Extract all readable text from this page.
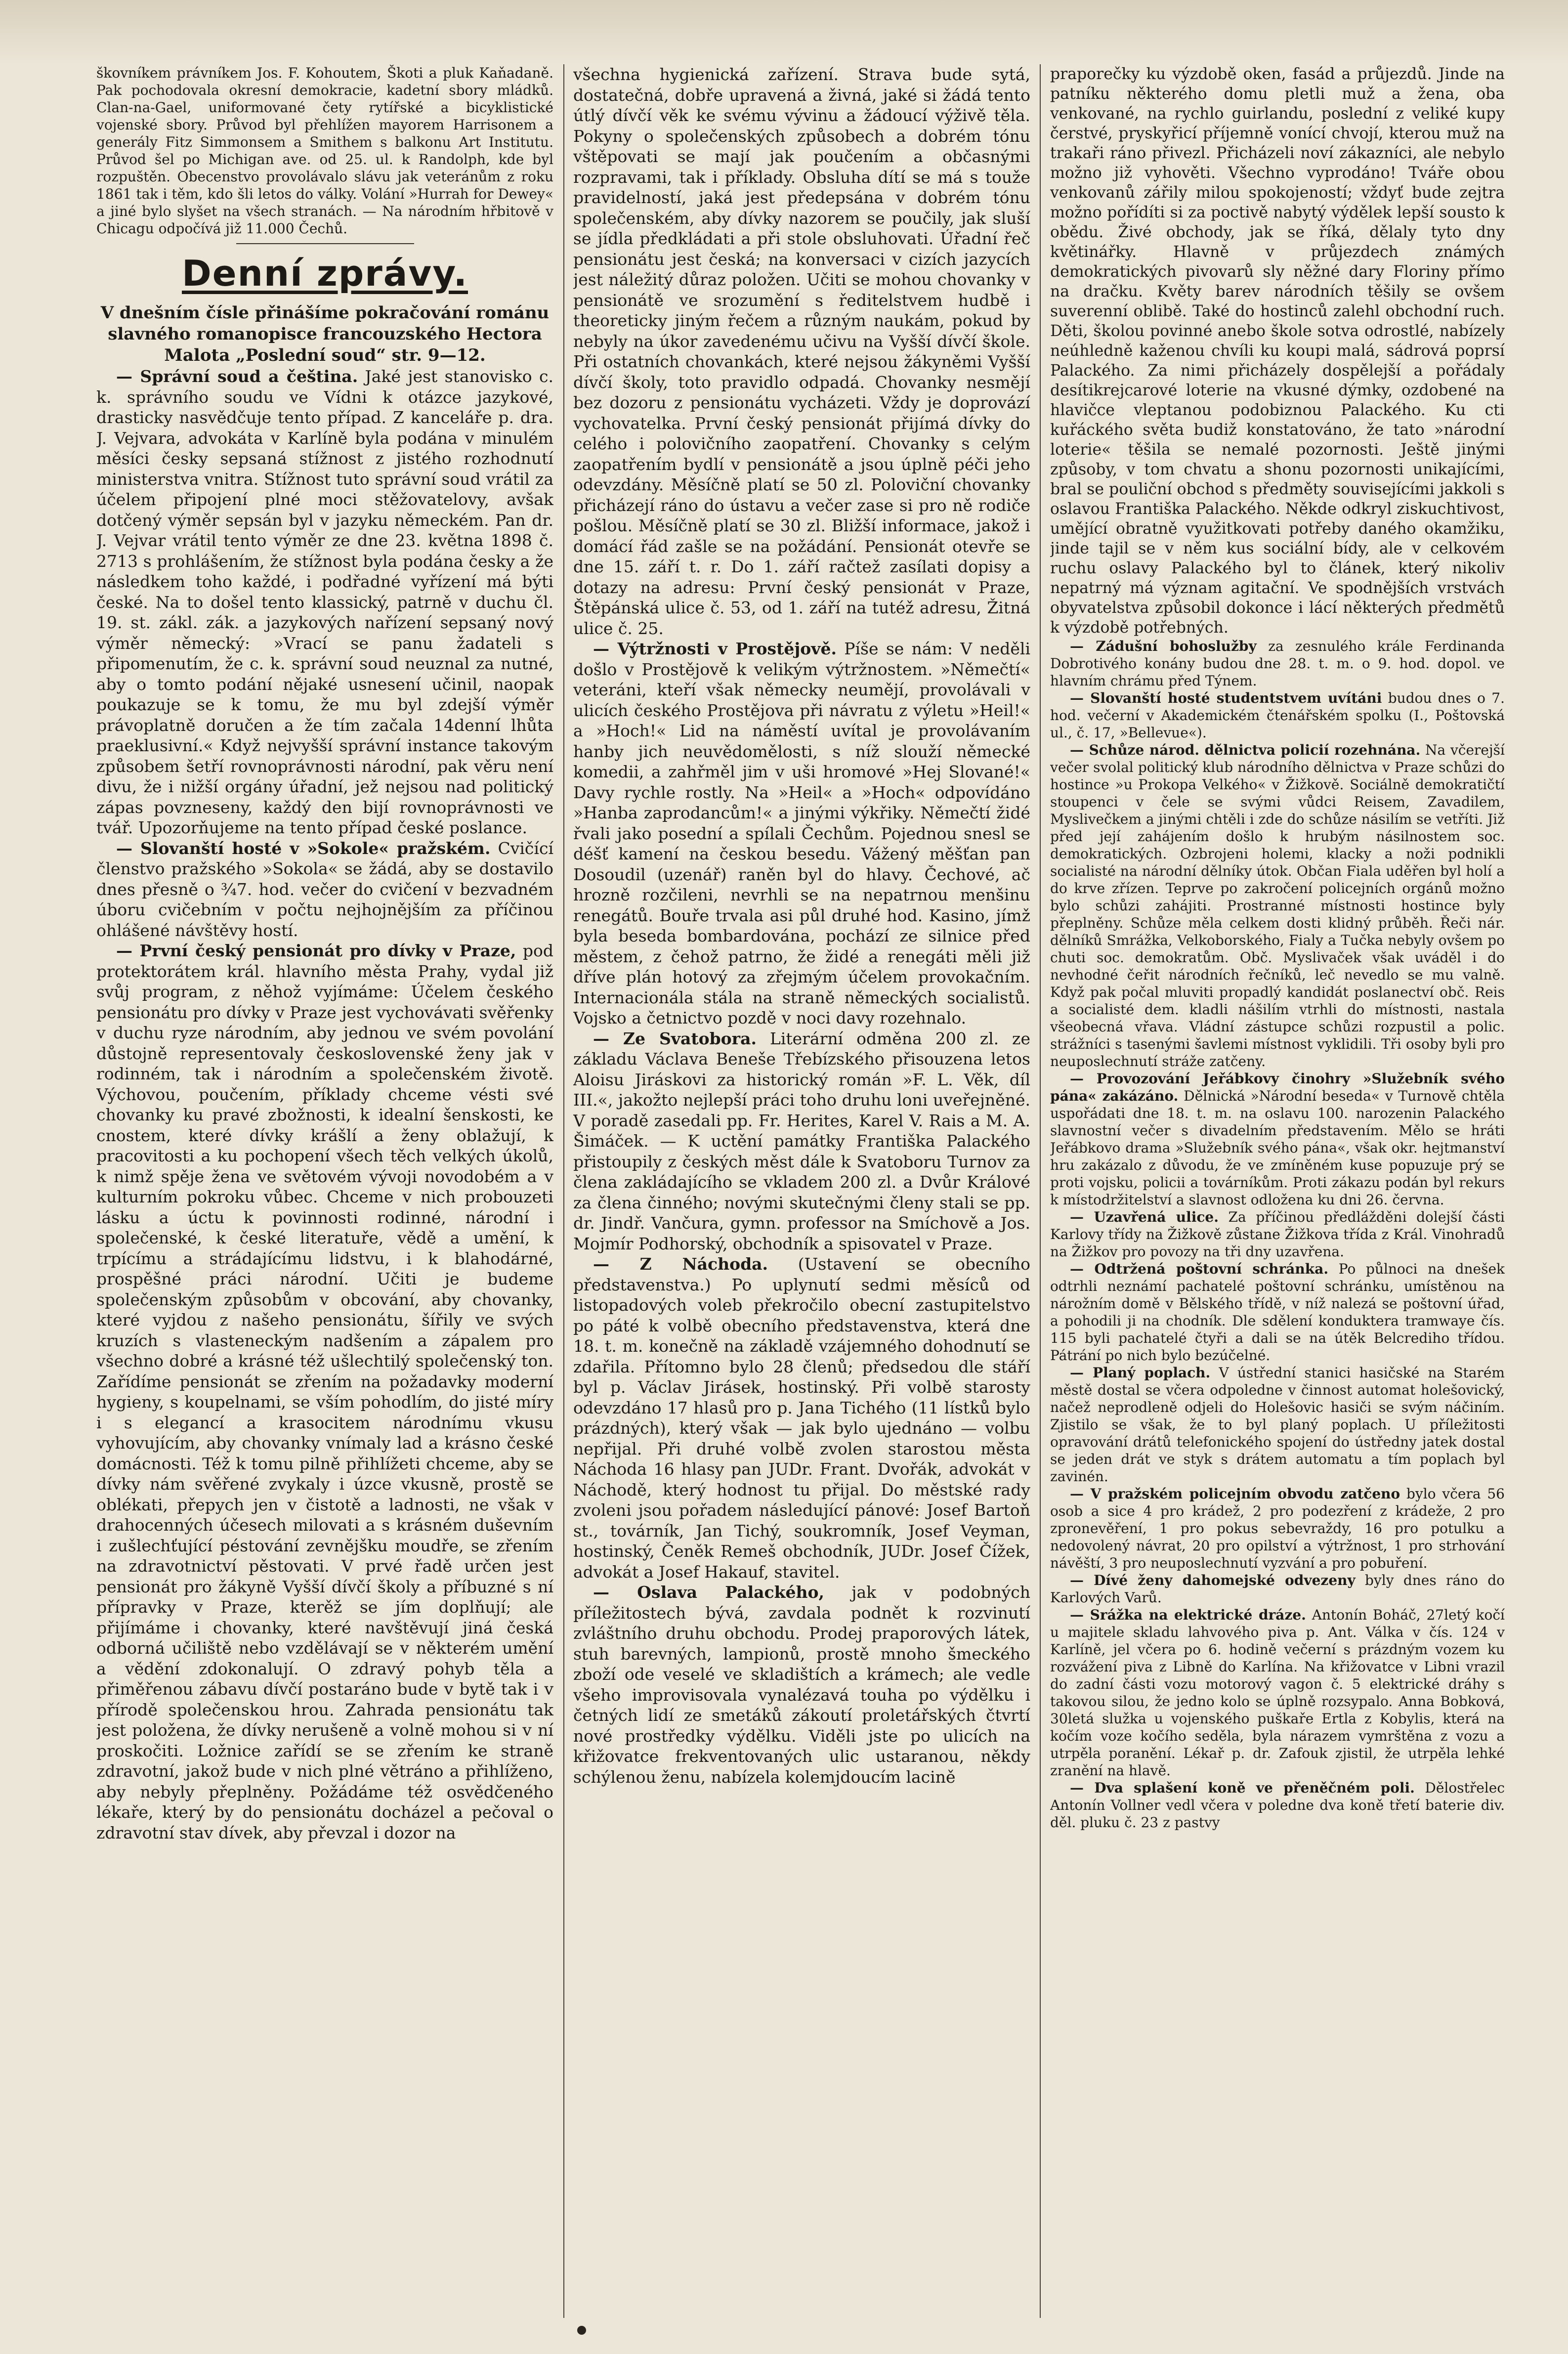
škovníkem právníkem Jos. F. Kohoutem, Škoti a pluk Kaňadaně. Pak pochodovala okresní demokracie, kadetní sbory mládků. Clan-na-Gael, uniformované čety rytířské a bicyklistické vojenské sbory. Průvod byl přehlížen mayorem Harrisonem a generály Fitz Simmonsem a Smithem s balkonu Art Institutu. Průvod šel po Michigan ave. od 25. ul. k Randolph, kde byl rozpuštěn. Obecenstvo provolávalo slávu jak veteránům z roku 1861 tak i těm, kdo šli letos do války. Volání »Hurrah for Dewey« a jiné bylo slyšet na všech stranách. — Na národním hřbitově v Chicagu odpočívá již 11.000 Čechů.

Denní zprávy.

V dnešním čísle přinášíme pokračování románu slavného romanopisce francouzského Hectora Malota „Poslední soud“ str. 9—12.

— Správní soud a čeština. Jaké jest stanovisko c. k. správního soudu ve Vídni k otázce jazykové, drasticky nasvědčuje tento případ. Z kanceláře p. dra. J. Vejvara, advokáta v Karlíně byla podána v minulém měsíci česky sepsaná stížnost z jistého rozhodnutí ministerstva vnitra. Stížnost tuto správní soud vrátil za účelem připojení plné moci stěžovatelovy, avšak dotčený výměr sepsán byl v jazyku německém. Pan dr. J. Vejvar vrátil tento výměr ze dne 23. května 1898 č. 2713 s prohlášením, že stížnost byla podána česky a že následkem toho každé, i podřadné vyřízení má býti české. Na to došel tento klassický, patrně v duchu čl. 19. st. zákl. zák. a jazykových nařízení sepsaný nový výměr německý: »Vrací se panu žadateli s připomenutím, že c. k. správní soud neuznal za nutné, aby o tomto podání nějaké usnesení učinil, naopak poukazuje se k tomu, že mu byl zdejší výměr právoplatně doručen a že tím začala 14denní lhůta praeklusivní.« Když nejvyšší správní instance takovým způsobem šetří rovnoprávnosti národní, pak věru není divu, že i nižší orgány úřadní, jež nejsou nad politický zápas povzneseny, každý den bijí rovnoprávnosti ve tvář. Upozorňujeme na tento případ české poslance.

— Slovanští hosté v »Sokole« pražském. Cvičící členstvo pražského »Sokola« se žádá, aby se dostavilo dnes přesně o ¾7. hod. večer do cvičení v bezvadném úboru cvičebním v počtu nejhojnějším za příčinou ohlášené návštěvy hostí.

— První český pensionát pro dívky v Praze, pod protektorátem král. hlavního města Prahy, vydal již svůj program, z něhož vyjímáme: Účelem českého pensionátu pro dívky v Praze jest vychovávati svěřenky v duchu ryze národním, aby jednou ve svém povolání důstojně representovaly československé ženy jak v rodinném, tak i národním a společenském životě. Výchovou, poučením, příklady chceme vésti své chovanky ku pravé zbožnosti, k idealní šenskosti, ke cnostem, které dívky krášlí a ženy oblažují, k pracovitosti a ku pochopení všech těch velkých úkolů, k nimž spěje žena ve světovém vývoji novodobém a v kulturním pokroku vůbec. Chceme v nich probouzeti lásku a úctu k povinnosti rodinné, národní i společenské, k české literatuře, vědě a umění, k trpícímu a strádajícímu lidstvu, i k blahodárné, prospěšné práci národní. Učiti je budeme společenským způsobům v obcování, aby chovanky, které vyjdou z našeho pensionátu, šířily ve svých kruzích s vlasteneckým nadšením a zápalem pro všechno dobré a krásné též ušlechtilý společenský ton. Zařídíme pensionát se zřením na požadavky moderní hygieny, s koupelnami, se vším pohodlím, do jisté míry i s elegancí a krasocitem národnímu vkusu vyhovujícím, aby chovanky vnímaly lad a krásno české domácnosti. Též k tomu pilně přihlížeti chceme, aby se dívky nám svěřené zvykaly i úzce vkusně, prostě se oblékati, přepych jen v čistotě a ladnosti, ne však v drahocenných účesech milovati a s krásném duševním i zušlechťující péstování zevnějšku moudře, se zřením na zdravotnictví pěstovati. V prvé řadě určen jest pensionát pro žákyně Vyšší dívčí školy a příbuzné s ní přípravky v Praze, kterěž se jím doplňují; ale přijímáme i chovanky, které navštěvují jiná česká odborná učiliště nebo vzdělávají se v některém umění a vědění zdokonalují. O zdravý pohyb těla a přiměřenou zábavu dívčí postaráno bude v bytě tak i v přírodě společenskou hrou. Zahrada pensionátu tak jest položena, že dívky nerušeně a volně mohou si v ní proskočiti. Ložnice zařídí se se zřením ke straně zdravotní, jakož bude v nich plné větráno a přihlíženo, aby nebyly přeplněny. Požádáme též osvědčeného lékaře, který by do pensionátu docházel a pečoval o zdravotní stav dívek, aby převzal i dozor na

všechna hygienická zařízení. Strava bude sytá, dostatečná, dobře upravená a živná, jaké si žádá tento útlý dívčí věk ke svému vývinu a žádoucí výživě těla. Pokyny o společenských způsobech a dobrém tónu vštěpovati se mají jak poučením a občasnými rozpravami, tak i příklady. Obsluha dítí se má s touže pravidelností, jaká jest předepsána v dobrém tónu společenském, aby dívky nazorem se poučily, jak sluší se jídla předkládati a při stole obsluhovati. Úřadní řeč pensionátu jest česká; na konversaci v cizích jazycích jest náležitý důraz položen. Učiti se mohou chovanky v pensionátě ve srozumění s ředitelstvem hudbě i theoreticky jiným řečem a různým naukám, pokud by nebyly na úkor zavedenému učivu na Vyšší dívčí škole. Při ostatních chovankách, které nejsou žákyněmi Vyšší dívčí školy, toto pravidlo odpadá. Chovanky nesmějí bez dozoru z pensionátu vycházeti. Vždy je doprovází vychovatelka. První český pensionát přijímá dívky do celého i polovičního zaopatření. Chovanky s celým zaopatřením bydlí v pensionátě a jsou úplně péči jeho odevzdány. Měsíčně platí se 50 zl. Poloviční chovanky přicházejí ráno do ústavu a večer zase si pro ně rodiče pošlou. Měsíčně platí se 30 zl. Bližší informace, jakož i domácí řád zašle se na požádání. Pensionát otevře se dne 15. září t. r. Do 1. září račtež zasílati dopisy a dotazy na adresu: První český pensionát v Praze, Štěpánská ulice č. 53, od 1. září na tutéž adresu, Žitná ulice č. 25.

— Výtržnosti v Prostějově. Píše se nám: V neděli došlo v Prostějově k velikým výtržnostem. »Němečtí« veteráni, kteří však německy neumějí, provolávali v ulicích českého Prostějova při návratu z výletu »Heil!« a »Hoch!« Lid na náměstí uvítal je provolávaním hanby jich neuvědomělosti, s níž slouží německé komedii, a zahřměl jim v uši hromové »Hej Slované!« Davy rychle rostly. Na »Heil« a »Hoch« odpovídáno »Hanba zaprodancům!« a jinými výkřiky. Němečtí židé řvali jako posední a spílali Čechům. Pojednou snesl se déšť kamení na českou besedu. Vážený měšťan pan Dosoudil (uzenář) raněn byl do hlavy. Čechové, ač hrozně rozčileni, nevrhli se na nepatrnou menšinu renegátů. Bouře trvala asi půl druhé hod. Kasino, jímž byla beseda bombardována, pochází ze silnice před městem, z čehož patrno, že židé a renegáti měli již dříve plán hotový za zřejmým účelem provokačním. Internacionála stála na straně německých socialistů. Vojsko a četnictvo pozdě v noci davy rozehnalo.

— Ze Svatobora. Literární odměna 200 zl. ze základu Václava Beneše Třebízského přisouzena letos Aloisu Jiráskovi za historický román »F. L. Věk, díl III.«, jakožto nejlepší práci toho druhu loni uveřejněné. V poradě zasedali pp. Fr. Herites, Karel V. Rais a M. A. Šimáček. — K uctění památky Františka Palackého přistoupily z českých měst dále k Svatoboru Turnov za člena zakládajícího se vkladem 200 zl. a Dvůr Králové za člena činného; novými skutečnými členy stali se pp. dr. Jindř. Vančura, gymn. professor na Smíchově a Jos. Mojmír Podhorský, obchodník a spisovatel v Praze.

— Z Náchoda. (Ustavení se obecního představenstva.) Po uplynutí sedmi měsíců od listopadových voleb překročilo obecní zastupitelstvo po páté k volbě obecního představenstva, která dne 18. t. m. konečně na základě vzájemného dohodnutí se zdařila. Přítomno bylo 28 členů; předsedou dle stáří byl p. Václav Jirásek, hostinský. Při volbě starosty odevzdáno 17 hlasů pro p. Jana Tichého (11 lístků bylo prázdných), který však — jak bylo ujednáno — volbu nepřijal. Při druhé volbě zvolen starostou města Náchoda 16 hlasy pan JUDr. Frant. Dvořák, advokát v Náchodě, který hodnost tu přijal. Do městské rady zvoleni jsou pořadem následující pánové: Josef Bartoň st., továrník, Jan Tichý, soukromník, Josef Veyman, hostinský, Čeněk Remeš obchodník, JUDr. Josef Čížek, advokát a Josef Hakauf, stavitel.

— Oslava Palackého, jak v podobných příležitostech bývá, zavdala podnět k rozvinutí zvláštního druhu obchodu. Prodej praporových látek, stuh barevných, lampionů, prostě mnoho šmeckého zboží ode veselé ve skladištích a krámech; ale vedle všeho improvisovala vynalézavá touha po výdělku i četných lidí ze smetáků zákoutí proletářských čtvrtí nové prostředky výdělku. Viděli jste po ulicích na křižovatce frekventovaných ulic ustaranou, někdy schýlenou ženu, nabízela kolemjdoucím lacině

praporečky ku výzdobě oken, fasád a průjezdů. Jinde na patníku některého domu pletli muž a žena, oba venkované, na rychlo guirlandu, poslední z veliké kupy čerstvé, pryskyřicí příjemně vonící chvojí, kterou muž na trakaři ráno přivezl. Přicházeli noví zákazníci, ale nebylo možno již vyhověti. Všechno vyprodáno! Tváře obou venkovanů zářily milou spokojeností; vždyť bude zejtra možno pořídíti si za poctivě nabytý výdělek lepší sousto k obědu. Živé obchody, jak se říká, dělaly tyto dny květinářky. Hlavně v průjezdech známých demokratických pivovarů sly něžné dary Floriny přímo na dračku. Květy barev národních těšily se ovšem suverenní oblibě. Také do hostinců zalehl obchodní ruch. Děti, školou povinné anebo škole sotva odrostlé, nabízely neúhledně kaženou chvíli ku koupi malá, sádrová poprsí Palackého. Za nimi přicházely dospělejší a pořádaly desítikrejcarové loterie na vkusné dýmky, ozdobené na hlavičce vleptanou podobiznou Palackého. Ku cti kuřáckého světa budiž konstatováno, že tato »národní loterie« těšila se nemalé pozornosti. Ještě jinými způsoby, v tom chvatu a shonu pozornosti unikajícími, bral se pouliční obchod s předměty souvisejícími jakkoli s oslavou Františka Palackého. Někde odkryl ziskuchtivost, umějící obratně využitkovati potřeby daného okamžiku, jinde tajil se v něm kus sociální bídy, ale v celkovém ruchu oslavy Palackého byl to článek, který nikoliv nepatrný má význam agitační. Ve spodnějších vrstvách obyvatelstva způsobil dokonce i lácí některých předmětů k výzdobě potřebných.

— Zádušní bohoslužby za zesnulého krále Ferdinanda Dobrotivého konány budou dne 28. t. m. o 9. hod. dopol. ve hlavním chrámu před Týnem.

— Slovanští hosté studentstvem uvítáni budou dnes o 7. hod. večerní v Akademickém čtenářském spolku (I., Poštovská ul., č. 17, »Bellevue«).

— Schůze národ. dělnictva policií rozehnána. Na včerejší večer svolal politický klub národního dělnictva v Praze schůzi do hostince »u Prokopa Velkého« v Žižkově. Sociálně demokratičtí stoupenci v čele se svými vůdci Reisem, Zavadilem, Myslivečkem a jinými chtěli i zde do schůze násilím se vetříti. Již před její zahájením došlo k hrubým násilnostem soc. demokratických. Ozbrojeni holemi, klacky a noži podnikli socialisté na národní dělníky útok. Občan Fiala uděřen byl holí a do krve zřízen. Teprve po zakročení policejních orgánů možno bylo schůzi zahájiti. Prostranné místnosti hostince byly přeplněny. Schůze měla celkem dosti klidný průběh. Řeči nár. dělníků Smrážka, Velkoborského, Fialy a Tučka nebyly ovšem po chuti soc. demokratům. Obč. Myslivaček však uváděl i do nevhodné čeřit národních řečníků, leč nevedlo se mu valně. Když pak počal mluviti propadlý kandidát poslanectví obč. Reis a socialisté dem. kladli nášilím vtrhli do místnosti, nastala všeobecná vřava. Vládní zástupce schůzi rozpustil a polic. strážníci s tasenými šavlemi místnost vyklidili. Tři osoby byli pro neuposlechnutí stráže zatčeny.

— Provozování Jeřábkovy činohry »Služebník svého pána« zakázáno. Dělnická »Národní beseda« v Turnově chtěla uspořádati dne 18. t. m. na oslavu 100. narozenin Palackého slavnostní večer s divadelním představením. Mělo se hráti Jeřábkovo drama »Služebník svého pána«, však okr. hejtmanství hru zakázalo z důvodu, že ve zmíněném kuse popuzuje prý se proti vojsku, policii a továrníkům. Proti zákazu podán byl rekurs k místodržitelství a slavnost odložena ku dni 26. června.

— Uzavřená ulice. Za příčinou předlážděni dolejší části Karlovy třídy na Žižkově zůstane Žižkova třída z Král. Vinohradů na Žižkov pro povozy na tři dny uzavřena.

— Odtržená poštovní schránka. Po půlnoci na dnešek odtrhli neznámí pachatelé poštovní schránku, umístěnou na nárožním domě v Bělského třídě, v níž nalezá se poštovní úřad, a pohodili ji na chodník. Dle sdělení konduktera tramwaye čís. 115 byli pachatelé čtyři a dali se na útěk Belcrediho třídou. Pátrání po nich bylo bezúčelné.

— Planý poplach. V ústřední stanici hasičské na Starém městě dostal se včera odpoledne v činnost automat holešovický, načež neprodleně odjeli do Holešovic hasiči se svým náčiním. Zjistilo se však, že to byl planý poplach. U příležitosti opravování drátů telefonického spojení do ústředny jatek dostal se jeden drát ve styk s drátem automatu a tím poplach byl zavinén.

— V pražském policejním obvodu zatčeno bylo včera 56 osob a sice 4 pro krádež, 2 pro podezření z krádeže, 2 pro zpronevěření, 1 pro pokus sebevraždy, 16 pro potulku a nedovolený návrat, 20 pro opilství a výtržnost, 1 pro strhování návěští, 3 pro neuposlechnutí vyzvání a pro pobuření.

— Dívé ženy dahomejské odvezeny byly dnes ráno do Karlových Varů.

— Srážka na elektrické dráze. Antonín Boháč, 27letý kočí u majitele skladu lahvového piva p. Ant. Válka v čís. 124 v Karlíně, jel včera po 6. hodině večerní s prázdným vozem ku rozvážení piva z Libně do Karlína. Na křižovatce v Libni vrazil do zadní části vozu motorový vagon č. 5 elektrické dráhy s takovou silou, že jedno kolo se úplně rozsypalo. Anna Bobková, 30letá služka u vojenského puškaře Ertla z Kobylis, která na kočím voze kočího seděla, byla nárazem vymrštěna z vozu a utrpěla poranění. Lékař p. dr. Zafouk zjistil, že utrpěla lehké zranění na hlavě.

— Dva splašení koně ve přeněčném poli. Dělostřelec Antonín Vollner vedl včera v poledne dva koně třetí baterie div. děl. pluku č. 23 z pastvy
